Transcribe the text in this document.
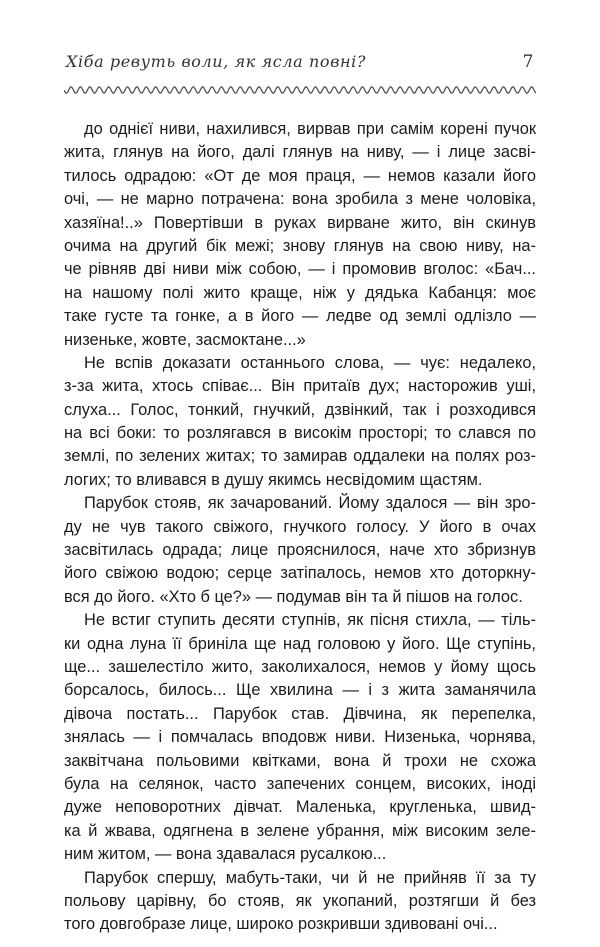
Хіба ревуть воли, як ясла повні?	7
до однієї ниви, нахилився, вирвав при самім корені пучок
жита, глянув на його, далі глянув на ниву, — і лице засві-
тилось одрадою: «От де моя праця, — немов казали його
очі, — не марно потрачена: вона зробила з мене чоловіка,
хазяїна!..» Повертівши в руках вирване жито, він скинув
очима на другий бік межі; знову глянув на свою ниву, на-
че рівняв дві ниви між собою, — і промовив вголос: «Бач...
на нашому полі жито краще, ніж у дядька Кабанця: моє
таке густе та гонке, а в його — ледве од землі одлізло —
низеньке, жовте, засмоктане...»
Не вспів доказати останнього слова, — чує: недалеко,
з-за жита, хтось співає... Він притаїв дух; насторожив уші,
слуха... Голос, тонкий, гнучкий, дзвінкий, так і розходився
на всі боки: то розлягався в високім просторі; то слався по
землі, по зелених житах; то замирав оддалеки на полях роз-
логих; то вливався в душу якимсь несвідомим щастям.
Парубок стояв, як зачарований. Йому здалося — він зро-
ду не чув такого свіжого, гнучкого голосу. У його в очах
засвітилась одрада; лице прояснилося, наче хто збризнув
його свіжою водою; серце затіпалось, немов хто доторкну-
вся до його. «Хто б це?» — подумав він та й пішов на голос.
Не встиг ступить десяти ступнів, як пісня стихла, — тіль-
ки одна луна її бриніла ще над головою у його. Ще ступінь,
ще... зашелестіло жито, заколихалося, немов у йому щось
борсалось, билось... Ще хвилина — і з жита заманячила
дівоча постать... Парубок став. Дівчина, як перепелка,
знялась — і помчалась вподовж ниви. Низенька, чорнява,
заквітчана польовими квітками, вона й трохи не схожа
була на селянок, часто запечених сонцем, високих, іноді
дуже неповоротних дівчат. Маленька, кругленька, швид-
ка й жвава, одягнена в зелене убрання, між високим зеле-
ним житом, — вона здавалася русалкою...
Парубок спершу, мабуть-таки, чи й не прийняв її за ту
польову царівну, бо стояв, як укопаний, розтягши й без
того довгобразе лице, широко розкривши здивовані очі...
